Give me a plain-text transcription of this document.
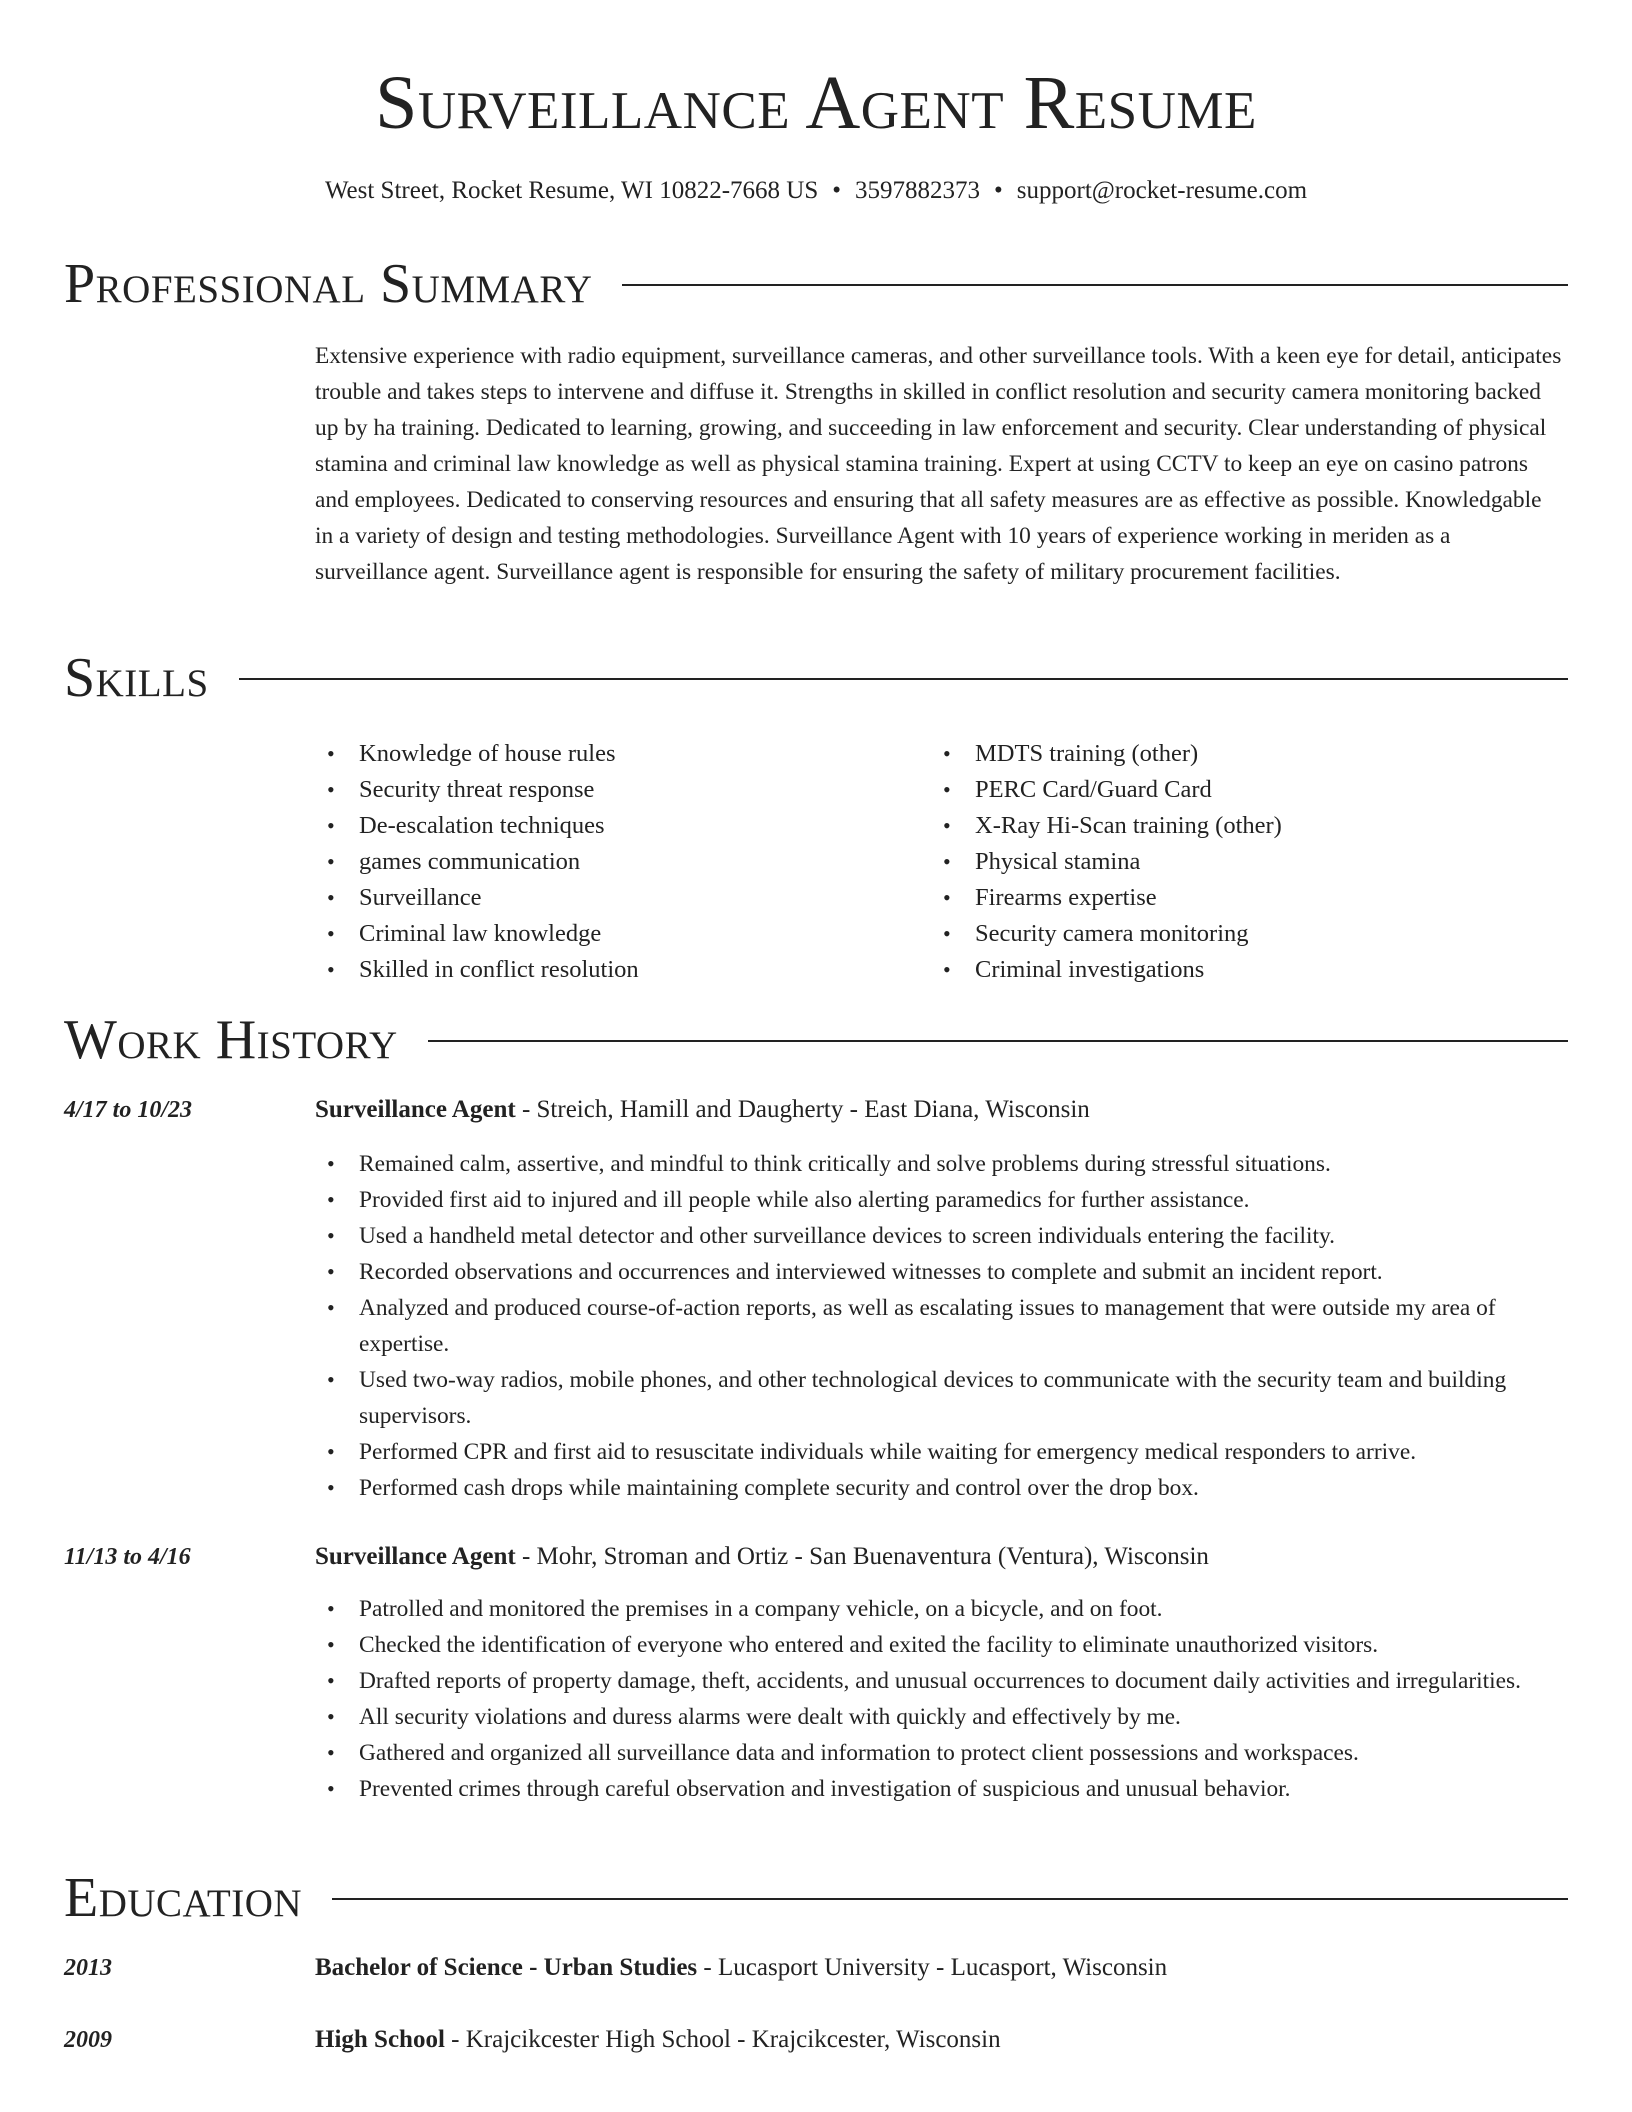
Surveillance Agent Resume
West Street, Rocket Resume, WI 10822-7668 US • 3597882373 • support@rocket-resume.com
Professional Summary

Extensive experience with radio equipment, surveillance cameras, and other surveillance tools. With a keen eye for detail, anticipates trouble and takes steps to intervene and diffuse it. Strengths in skilled in conflict resolution and security camera monitoring backed up by ha training. Dedicated to learning, growing, and succeeding in law enforcement and security. Clear understanding of physical stamina and criminal law knowledge as well as physical stamina training. Expert at using CCTV to keep an eye on casino patrons and employees. Dedicated to conserving resources and ensuring that all safety measures are as effective as possible. Knowledgable in a variety of design and testing methodologies. Surveillance Agent with 10 years of experience working in meriden as a surveillance agent. Surveillance agent is responsible for ensuring the safety of military procurement facilities.

Skills
• Knowledge of house rules
• Security threat response
• De-escalation techniques
• games communication
• Surveillance
• Criminal law knowledge
• Skilled in conflict resolution
• MDTS training (other)
• PERC Card/Guard Card
• X-Ray Hi-Scan training (other)
• Physical stamina
• Firearms expertise
• Security camera monitoring
• Criminal investigations
Work History
4/17 to 10/23	Surveillance Agent - Streich, Hamill and Daugherty - East Diana, Wisconsin
• Remained calm, assertive, and mindful to think critically and solve problems during stressful situations.
• Provided first aid to injured and ill people while also alerting paramedics for further assistance.
• Used a handheld metal detector and other surveillance devices to screen individuals entering the facility.
• Recorded observations and occurrences and interviewed witnesses to complete and submit an incident report.
• Analyzed and produced course-of-action reports, as well as escalating issues to management that were outside my area of expertise.
• Used two-way radios, mobile phones, and other technological devices to communicate with the security team and building supervisors.
• Performed CPR and first aid to resuscitate individuals while waiting for emergency medical responders to arrive.
• Performed cash drops while maintaining complete security and control over the drop box.
11/13 to 4/16	Surveillance Agent - Mohr, Stroman and Ortiz - San Buenaventura (Ventura), Wisconsin
• Patrolled and monitored the premises in a company vehicle, on a bicycle, and on foot.
• Checked the identification of everyone who entered and exited the facility to eliminate unauthorized visitors.
• Drafted reports of property damage, theft, accidents, and unusual occurrences to document daily activities and irregularities.
• All security violations and duress alarms were dealt with quickly and effectively by me.
• Gathered and organized all surveillance data and information to protect client possessions and workspaces.
• Prevented crimes through careful observation and investigation of suspicious and unusual behavior.
Education
2013	Bachelor of Science - Urban Studies - Lucasport University - Lucasport, Wisconsin
2009	High School - Krajcikcester High School - Krajcikcester, Wisconsin
